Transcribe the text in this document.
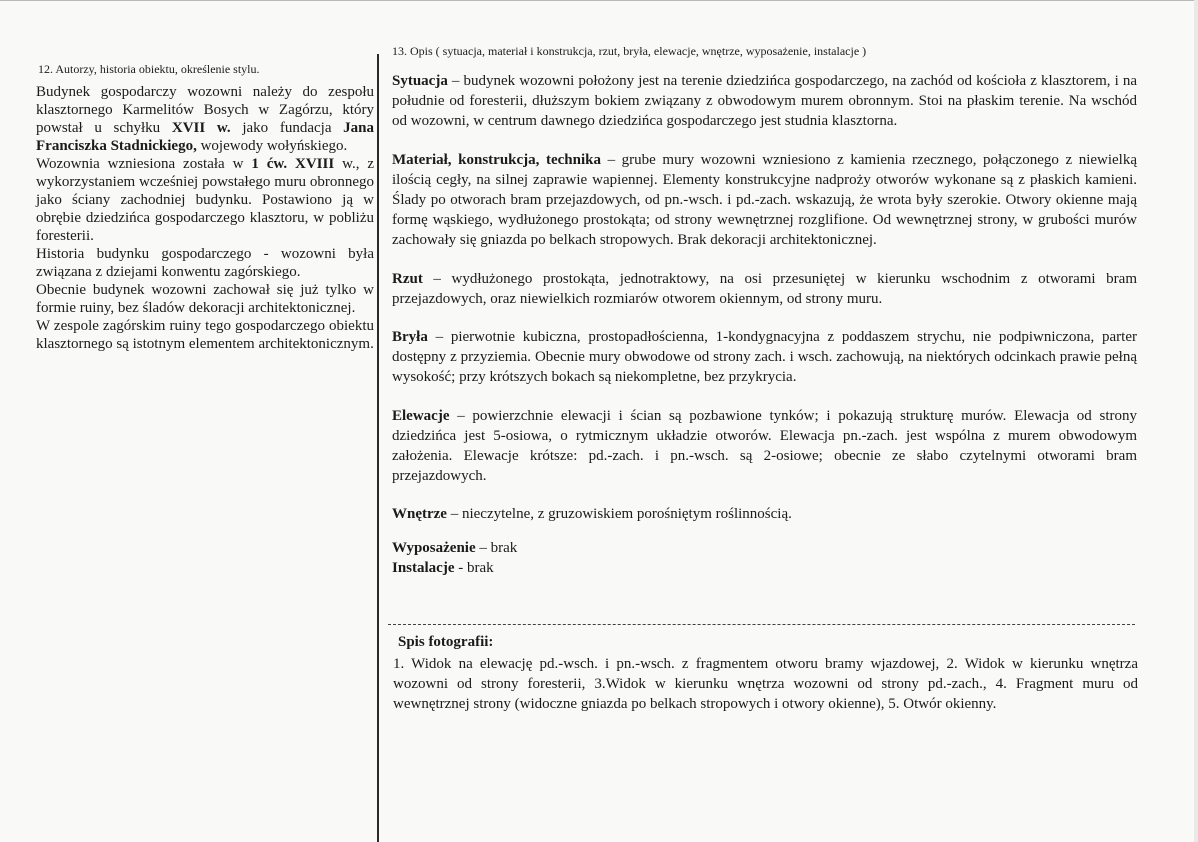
12. Autorzy, historia obiektu, określenie stylu.

Budynek gospodarczy wozowni należy do zespołu klasztornego Karmelitów Bosych w Zagórzu, który powstał u schyłku XVII w. jako fundacja Jana Franciszka Stadnickiego, wojewody wołyńskiego.

Wozownia wzniesiona została w 1 ćw. XVIII w., z wykorzystaniem wcześniej powstałego muru obronnego jako ściany zachodniej budynku. Postawiono ją w obrębie dziedzińca gospodarczego klasztoru, w pobliżu foresterii.

Historia budynku gospodarczego - wozowni była związana z dziejami konwentu zagórskiego.

Obecnie budynek wozowni zachował się już tylko w formie ruiny, bez śladów dekoracji architektonicznej.

W zespole zagórskim ruiny tego gospodarczego obiektu klasztornego są istotnym elementem architektonicznym.

13. Opis ( sytuacja, materiał i konstrukcja, rzut, bryła, elewacje, wnętrze, wyposażenie, instalacje )

Sytuacja – budynek wozowni położony jest na terenie dziedzińca gospodarczego, na zachód od kościoła z klasztorem, i na południe od foresterii, dłuższym bokiem związany z obwodowym murem obronnym. Stoi na płaskim terenie. Na wschód od wozowni, w centrum dawnego dziedzińca gospodarczego jest studnia klasztorna.

Materiał, konstrukcja, technika – grube mury wozowni wzniesiono z kamienia rzecznego, połączonego z niewielką ilością cegły, na silnej zaprawie wapiennej. Elementy konstrukcyjne nadproży otworów wykonane są z płaskich kamieni. Ślady po otworach bram przejazdowych, od pn.-wsch. i pd.-zach. wskazują, że wrota były szerokie. Otwory okienne mają formę wąskiego, wydłużonego prostokąta; od strony wewnętrznej rozglifione. Od wewnętrznej strony, w grubości murów zachowały się gniazda po belkach stropowych. Brak dekoracji architektonicznej.

Rzut – wydłużonego prostokąta, jednotraktowy, na osi przesuniętej w kierunku wschodnim z otworami bram przejazdowych, oraz niewielkich rozmiarów otworem okiennym, od strony muru.

Bryła – pierwotnie kubiczna, prostopadłościenna, 1-kondygnacyjna z poddaszem strychu, nie podpiwniczona, parter dostępny z przyziemia. Obecnie mury obwodowe od strony zach. i wsch. zachowują, na niektórych odcinkach prawie pełną wysokość; przy krótszych bokach są niekompletne, bez przykrycia.

Elewacje – powierzchnie elewacji i ścian są pozbawione tynków; i pokazują strukturę murów. Elewacja od strony dziedzińca jest 5-osiowa, o rytmicznym układzie otworów. Elewacja pn.-zach. jest wspólna z murem obwodowym założenia. Elewacje krótsze: pd.-zach. i pn.-wsch. są 2-osiowe; obecnie ze słabo czytelnymi otworami bram przejazdowych.

Wnętrze – nieczytelne, z gruzowiskiem porośniętym roślinnością.

Wyposażenie – brak

Instalacje - brak

Spis fotografii:

1. Widok na elewację pd.-wsch. i pn.-wsch. z fragmentem otworu bramy wjazdowej, 2. Widok w kierunku wnętrza wozowni od strony foresterii, 3.Widok w kierunku wnętrza wozowni od strony pd.-zach., 4. Fragment muru od wewnętrznej strony (widoczne gniazda po belkach stropowych i otwory okienne), 5. Otwór okienny.
